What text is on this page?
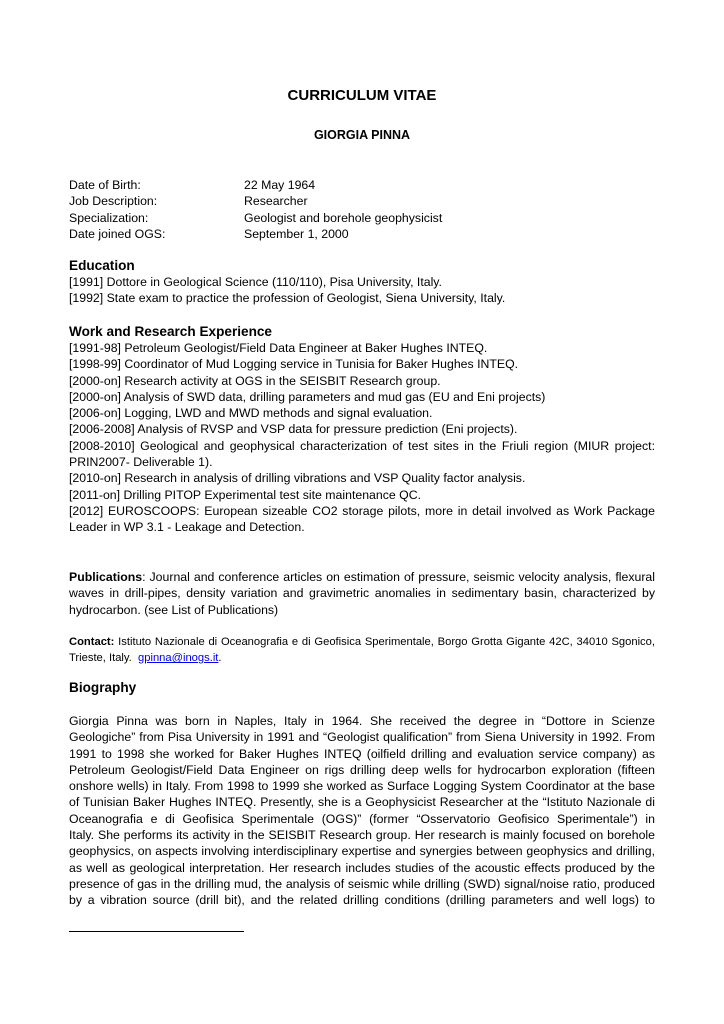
CURRICULUM VITAE
GIORGIA PINNA
Date of Birth:	22 May 1964
Job Description:	Researcher
Specialization:	Geologist and borehole geophysicist
Date joined OGS:	September 1, 2000
Education
[1991] Dottore in Geological Science (110/110), Pisa University, Italy.
[1992] State exam to practice the profession of Geologist, Siena University, Italy.
Work and Research Experience
[1991-98] Petroleum Geologist/Field Data Engineer at Baker Hughes INTEQ.
[1998-99] Coordinator of Mud Logging service in Tunisia for Baker Hughes INTEQ.
[2000-on] Research activity at OGS in the SEISBIT Research group.
[2000-on] Analysis of SWD data, drilling parameters and mud gas (EU and Eni projects)
[2006-on] Logging, LWD and MWD methods and signal evaluation.
[2006-2008] Analysis of RVSP and VSP data for pressure prediction (Eni projects).
[2008-2010] Geological and geophysical characterization of test sites in the Friuli region (MIUR project:
PRIN2007- Deliverable 1).
[2010-on] Research in analysis of drilling vibrations and VSP Quality factor analysis.
[2011-on] Drilling PITOP Experimental test site maintenance QC.
[2012] EUROSCOOPS: European sizeable CO2 storage pilots, more in detail involved as Work Package
Leader in WP 3.1 - Leakage and Detection.
Publications: Journal and conference articles on estimation of pressure, seismic velocity analysis, flexural
waves in drill-pipes, density variation and gravimetric anomalies in sedimentary basin, characterized by
hydrocarbon. (see List of Publications)
Contact: Istituto Nazionale di Oceanografia e di Geofisica Sperimentale, Borgo Grotta Gigante 42C, 34010 Sgonico,
Trieste, Italy.  gpinna@inogs.it.
Biography
Giorgia Pinna was born in Naples, Italy in 1964. She received the degree in “Dottore in Scienze
Geologiche” from Pisa University in 1991 and “Geologist qualification” from Siena University in 1992. From
1991 to 1998 she worked for Baker Hughes INTEQ (oilfield drilling and evaluation service company) as
Petroleum Geologist/Field Data Engineer on rigs drilling deep wells for hydrocarbon exploration (fifteen
onshore wells) in Italy. From 1998 to 1999 she worked as Surface Logging System Coordinator at the base
of Tunisian Baker Hughes INTEQ. Presently, she is a Geophysicist Researcher at the “Istituto Nazionale di
Oceanografia e di Geofisica Sperimentale (OGS)” (former “Osservatorio Geofisico Sperimentale”) in
Italy. She performs its activity in the SEISBIT Research group. Her research is mainly focused on borehole
geophysics, on aspects involving interdisciplinary expertise and synergies between geophysics and drilling,
as well as geological interpretation. Her research includes studies of the acoustic effects produced by the
presence of gas in the drilling mud, the analysis of seismic while drilling (SWD) signal/noise ratio, produced
by a vibration source (drill bit), and the related drilling conditions (drilling parameters and well logs) to
